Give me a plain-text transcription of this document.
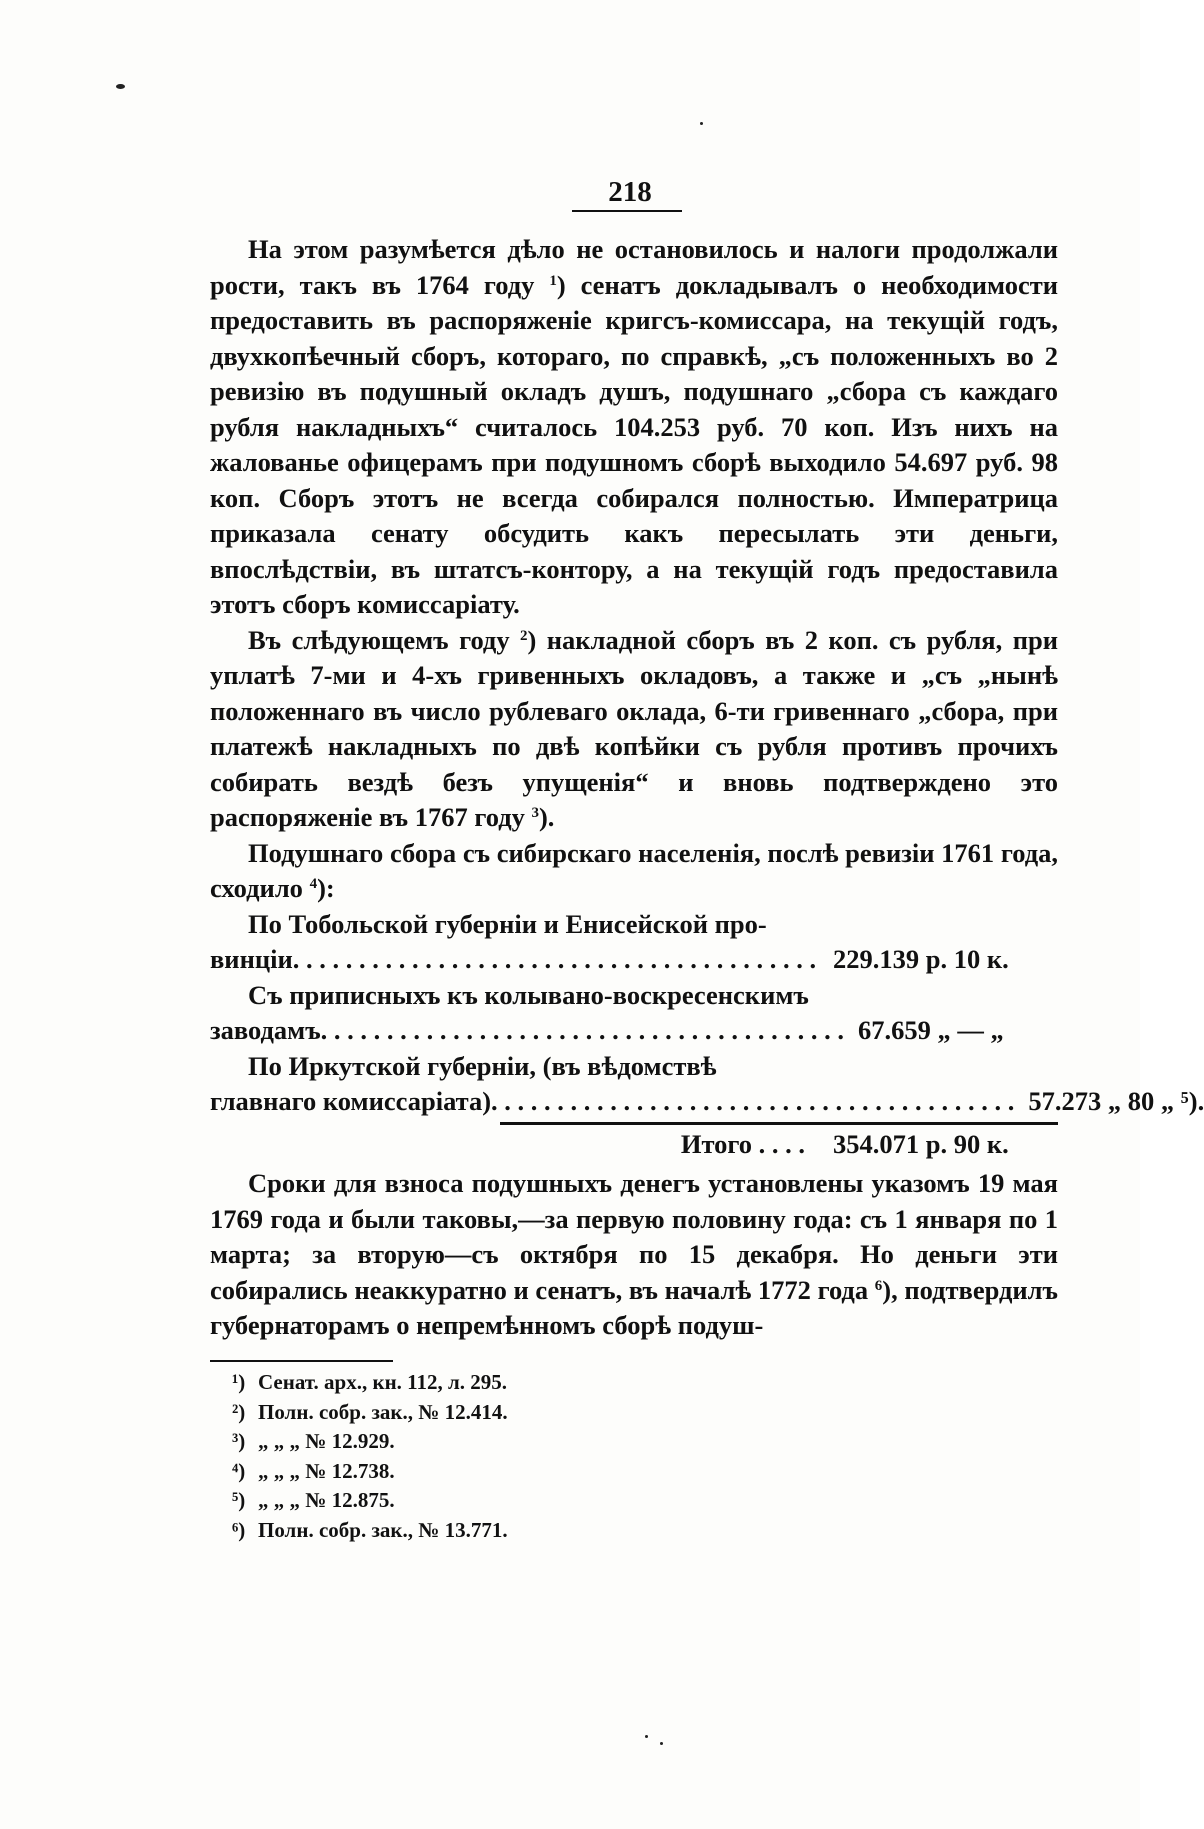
218

На этом разумѣется дѣло не остановилось и налоги продолжали рости, такъ въ 1764 году $^1$) сенатъ докладывалъ о необходимости предоставить въ распоряженіе кригсъ-комиссара, на текущій годъ, двухкопѣечный сборъ, котораго, по справкѣ, „съ положенныхъ во 2 ревизію въ подушный окладъ душъ, подушнаго „сбора съ каждаго рубля накладныхъ“ считалось 104.253 руб. 70 коп. Изъ нихъ на жалованье офицерамъ при подушномъ сборѣ выходило 54.697 руб. 98 коп. Сборъ этотъ не всегда собирался полностью. Императрица приказала сенату обсудить какъ пересылать эти деньги, впослѣдствіи, въ штатсъ-контору, а на текущій годъ предоставила этотъ сборъ комиссаріату.

Въ слѣдующемъ году $^2$) накладной сборъ въ 2 коп. съ рубля, при уплатѣ 7-ми и 4-хъ гривенныхъ окладовъ, а также и „съ „нынѣ положеннаго въ число рублеваго оклада, 6-ти гривеннаго „сбора, при платежѣ накладныхъ по двѣ копѣйки съ рубля противъ прочихъ собирать вездѣ безъ упущенія“ и вновь подтверждено это распоряженіе въ 1767 году $^3$).

Подушнаго сбора съ сибирскаго населенія, послѣ ревизіи 1761 года, сходило $^4$):

По Тобольской губерніи и Енисейской про-
винціи . . . . . . . . . . . . . . . . . . . . . . . . . . . . . . . . . . . . . . . . 229.139 р. 10 к.
Съ приписныхъ къ колывано-воскресенскимъ
заводамъ . . . . . . . . . . . . . . . . . . . . . . . . . . . . . . . . . . . . . . . . 67.659 „ — „
По Иркутской губерніи, (въ вѣдомствѣ
главнаго комиссаріата) . . . . . . . . . . . . . . . . . . . . . . . . . . . . . . . . . . . . . . . . 57.273 „ 80 „ ⁵).
Итого . . . .	354.071 р. 90 к.

Сроки для взноса подушныхъ денегъ установлены указомъ 19 мая 1769 года и были таковы,—за первую половину года: съ 1 января по 1 марта; за вторую—съ октября по 15 декабря. Но деньги эти собирались неаккуратно и сенатъ, въ началѣ 1772 года $^6$), подтвердилъ губернаторамъ о непремѣнномъ сборѣ подуш-

¹) Сенат. арх., кн. 112, л. 295.
²) Полн. собр. зак., № 12.414.
³) „ „ „ № 12.929.
⁴) „ „ „ № 12.738.
⁵) „ „ „ № 12.875.
⁶) Полн. собр. зак., № 13.771.
